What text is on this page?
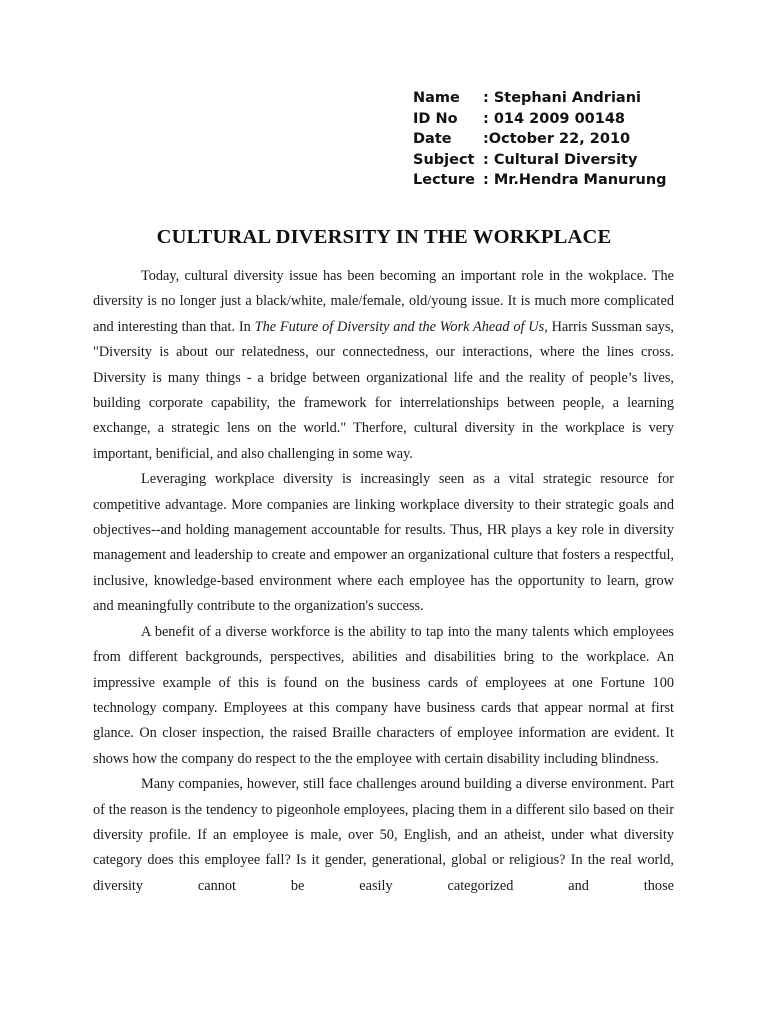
Name	: Stephani Andriani
ID No	: 014 2009 00148
Date	:October 22, 2010
Subject : Cultural Diversity
Lecture : Mr.Hendra Manurung
CULTURAL DIVERSITY IN THE WORKPLACE

Today, cultural diversity issue has been becoming an important role in the wokplace. The diversity is no longer just a black/white, male/female, old/young issue. It is much more complicated and interesting than that. In The Future of Diversity and the Work Ahead of Us, Harris Sussman says, "Diversity is about our relatedness, our connectedness, our interactions, where the lines cross. Diversity is many things - a bridge between organizational life and the reality of people’s lives, building corporate capability, the framework for interrelationships between people, a learning exchange, a strategic lens on the world." Therfore, cultural diversity in the workplace is very important, benificial, and also challenging in some way.

Leveraging workplace diversity is increasingly seen as a vital strategic resource for competitive advantage. More companies are linking workplace diversity to their strategic goals and objectives--and holding management accountable for results. Thus, HR plays a key role in diversity management and leadership to create and empower an organizational culture that fosters a respectful, inclusive, knowledge-based environment where each employee has the opportunity to learn, grow and meaningfully contribute to the organization's success.

A benefit of a diverse workforce is the ability to tap into the many talents which employees from different backgrounds, perspectives, abilities and disabilities bring to the workplace. An impressive example of this is found on the business cards of employees at one Fortune 100 technology company. Employees at this company have business cards that appear normal at first glance. On closer inspection, the raised Braille characters of employee information are evident. It shows how the company do respect to the the employee with certain disability including blindness.

Many companies, however, still face challenges around building a diverse environment. Part of the reason is the tendency to pigeonhole employees, placing them in a different silo based on their diversity profile. If an employee is male, over 50, English, and an atheist, under what diversity category does this employee fall? Is it gender, generational, global or religious? In the real world, diversity cannot be easily categorized and those
